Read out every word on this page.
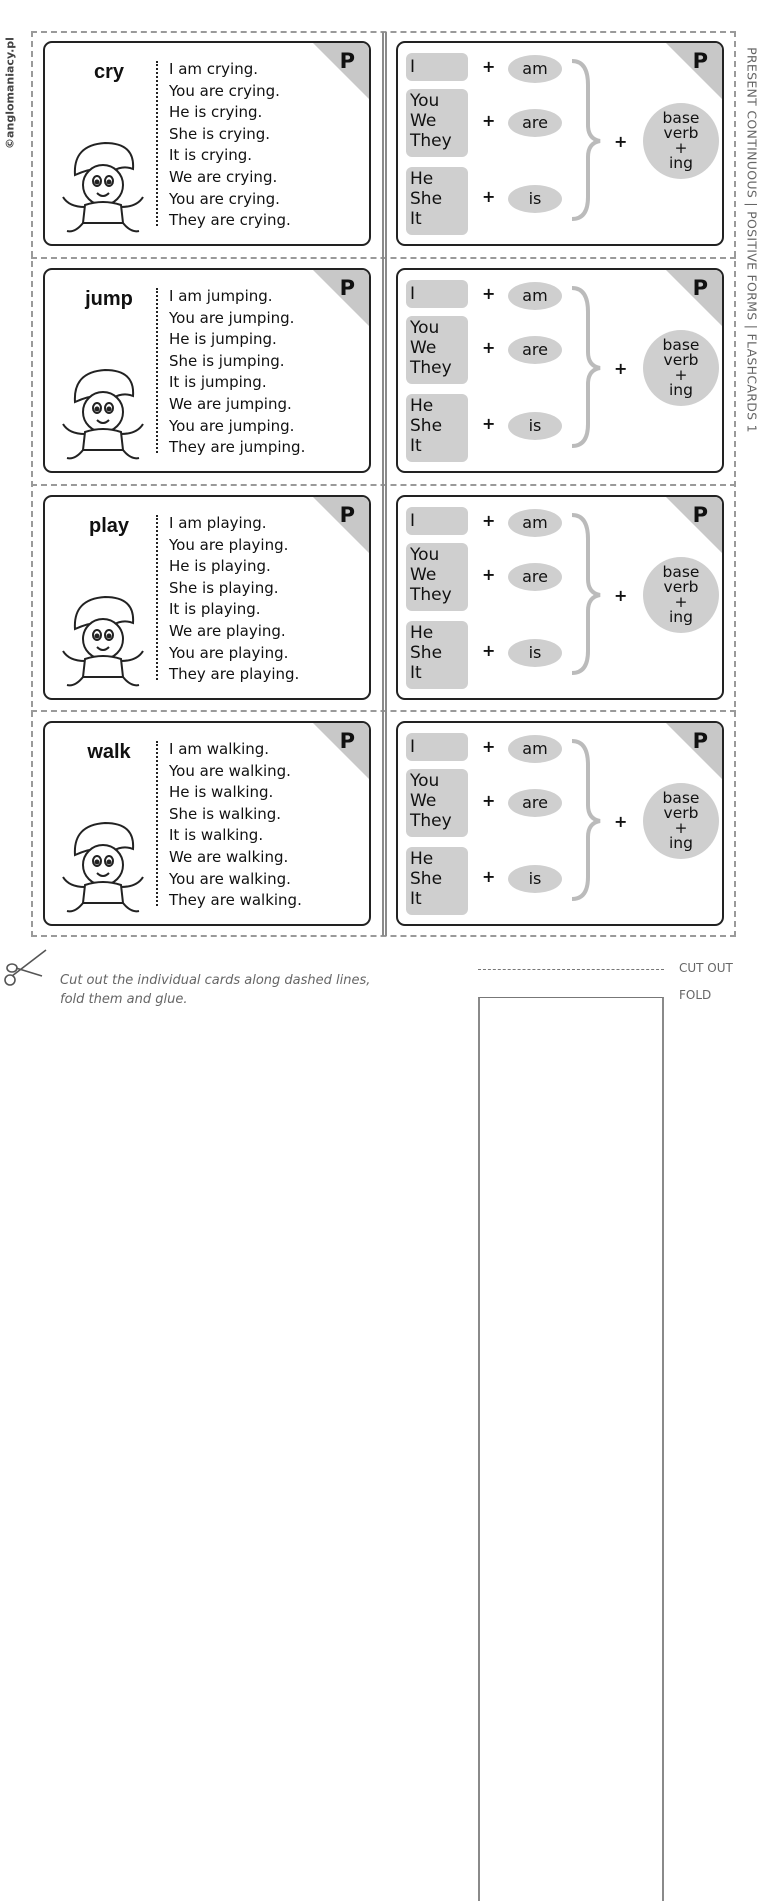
©anglomaniacy.pl	PRESENT CONTINUOUS | POSITIVE FORMS | FLASHCARDS 1
P
cry	I am crying.
You are crying.
He is crying.
She is crying.
It is crying.
We are crying.
You are crying.
They are crying.
P
I	+	am
You
We
They
+	are
He
She
It
+	is
+
base
verb
+
ing
P
jump	I am jumping.
You are jumping.
He is jumping.
She is jumping.
It is jumping.
We are jumping.
You are jumping.
They are jumping.
P
I	+	am
You
We
They
+	are
He
She
It
+	is
+
base
verb
+
ing
P
play	I am playing.
You are playing.
He is playing.
She is playing.
It is playing.
We are playing.
You are playing.
They are playing.
P
I	+	am
You
We
They
+	are
He
She
It
+	is
+
base
verb
+
ing
P
walk	I am walking.
You are walking.
He is walking.
She is walking.
It is walking.
We are walking.
You are walking.
They are walking.
P
I	+	am
You
We
They
+	are
He
She
It
+	is
+
base
verb
+
ing
Cut out the individual cards along dashed lines,
fold them and glue.
CUT OUT
FOLD
